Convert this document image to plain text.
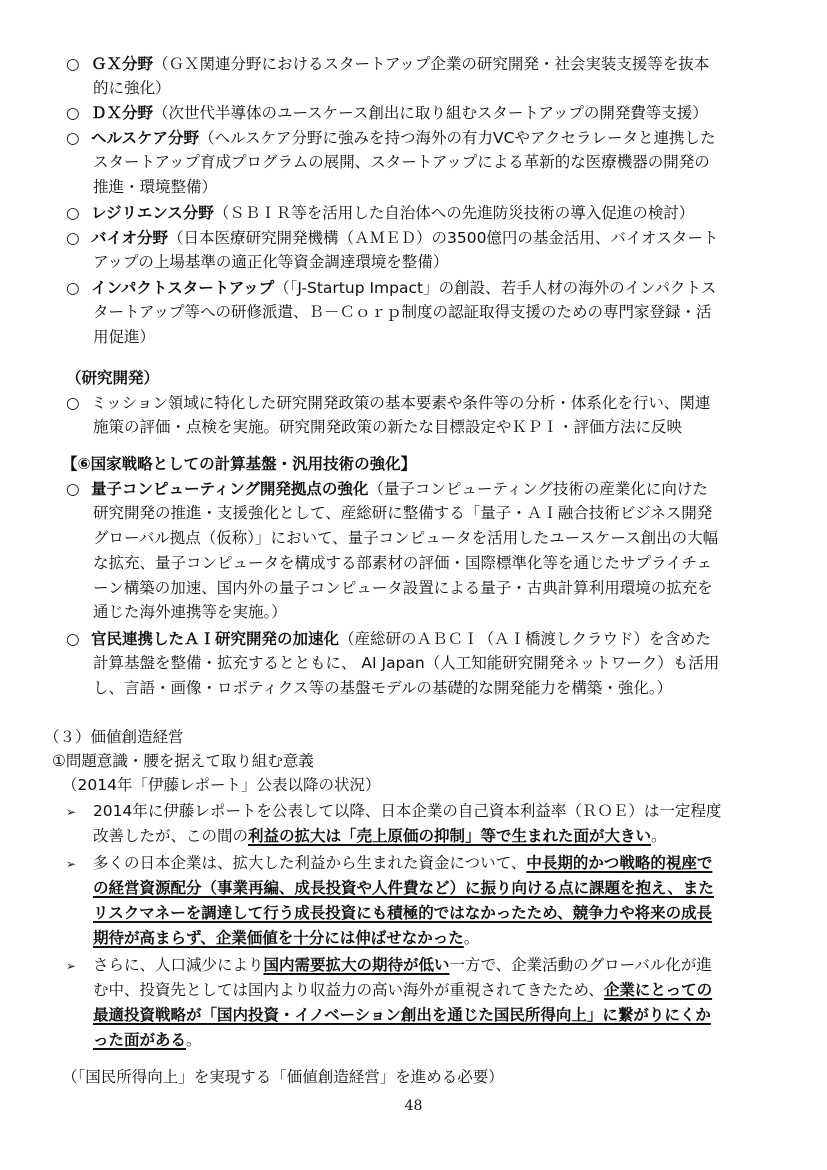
○ ＧＸ分野（ＧＸ関連分野におけるスタートアップ企業の研究開発・社会実装支援等を抜本
的に強化）
○ ＤＸ分野（次世代半導体のユースケース創出に取り組むスタートアップの開発費等支援）
○ ヘルスケア分野（ヘルスケア分野に強みを持つ海外の有力VCやアクセラレータと連携した
スタートアップ育成プログラムの展開、スタートアップによる革新的な医療機器の開発の
推進・環境整備）
○ レジリエンス分野（ＳＢＩＲ等を活用した自治体への先進防災技術の導入促進の検討）
○ バイオ分野（日本医療研究開発機構（ＡＭＥＤ）の3500億円の基金活用、バイオスタート
アップの上場基準の適正化等資金調達環境を整備）
○ インパクトスタートアップ（「J-Startup Impact」の創設、若手人材の海外のインパクトス
タートアップ等への研修派遣、Ｂ－Ｃｏｒｐ制度の認証取得支援のための専門家登録・活
用促進）
（研究開発）
○ ミッション領域に特化した研究開発政策の基本要素や条件等の分析・体系化を行い、関連
施策の評価・点検を実施。研究開発政策の新たな目標設定やＫＰＩ・評価方法に反映
【⑥国家戦略としての計算基盤・汎用技術の強化】
○ 量子コンピューティング開発拠点の強化（量子コンピューティング技術の産業化に向けた
研究開発の推進・支援強化として、産総研に整備する「量子・ＡＩ融合技術ビジネス開発
グローバル拠点（仮称）」において、量子コンピュータを活用したユースケース創出の大幅
な拡充、量子コンピュータを構成する部素材の評価・国際標準化等を通じたサプライチェ
ーン構築の加速、国内外の量子コンピュータ設置による量子・古典計算利用環境の拡充を
通じた海外連携等を実施。）
○ 官民連携したＡＩ研究開発の加速化（産総研のＡＢＣＩ（ＡＩ橋渡しクラウド）を含めた
計算基盤を整備・拡充するとともに、 AI Japan（人工知能研究開発ネットワーク）も活用
し、言語・画像・ロボティクス等の基盤モデルの基礎的な開発能力を構築・強化。）
（３）価値創造経営
①問題意識・腰を据えて取り組む意義
（2014年「伊藤レポート」公表以降の状況）
➢ 2014年に伊藤レポートを公表して以降、日本企業の自己資本利益率（ＲＯＥ）は一定程度
改善したが、この間の利益の拡大は「売上原価の抑制」等で生まれた面が大きい。
➢ 多くの日本企業は、拡大した利益から生まれた資金について、中長期的かつ戦略的視座で
の経営資源配分（事業再編、成長投資や人件費など）に振り向ける点に課題を抱え、また
リスクマネーを調達して行う成長投資にも積極的ではなかったため、競争力や将来の成長
期待が高まらず、企業価値を十分には伸ばせなかった。
➢ さらに、人口減少により国内需要拡大の期待が低い一方で、企業活動のグローバル化が進
む中、投資先としては国内より収益力の高い海外が重視されてきたため、企業にとっての
最適投資戦略が「国内投資・イノベーション創出を通じた国民所得向上」に繋がりにくか
った面がある。
（「国民所得向上」を実現する「価値創造経営」を進める必要）
48
